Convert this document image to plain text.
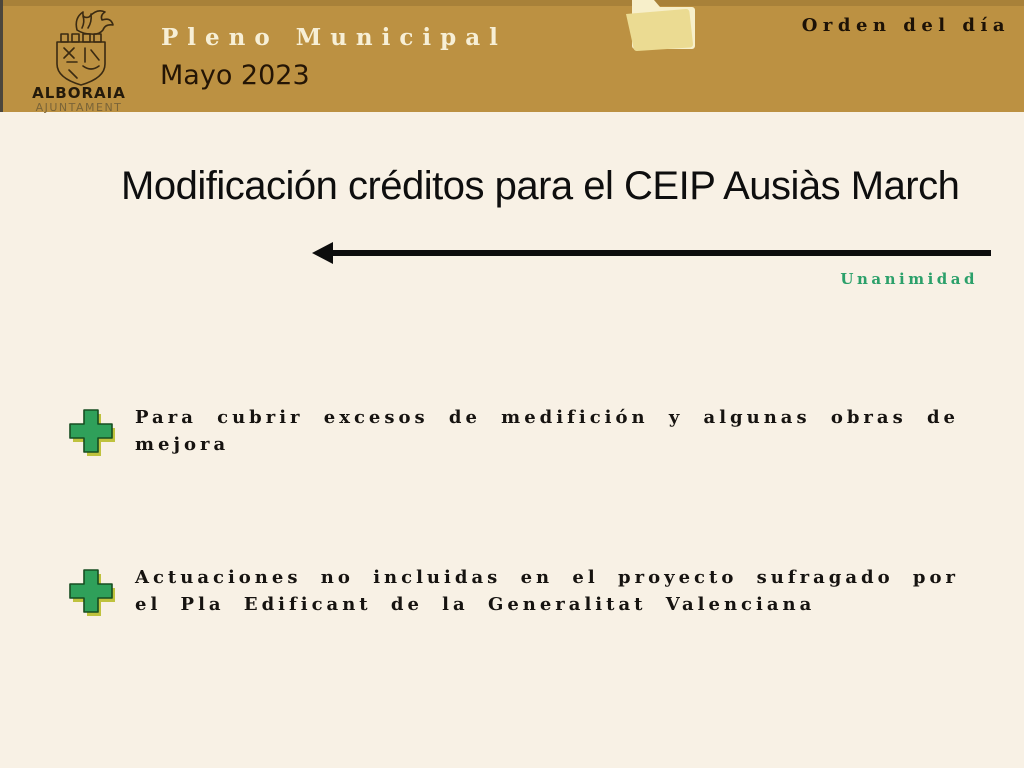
ALBORAIA
AJUNTAMENT
Pleno Municipal
Mayo 2023
Orden del día
Modificación créditos para el CEIP Ausiàs March
Unanimidad
Para cubrir excesos de medifición y algunas obras de mejora
Actuaciones no incluidas en el proyecto sufragado por el Pla Edificant de la Generalitat Valenciana
